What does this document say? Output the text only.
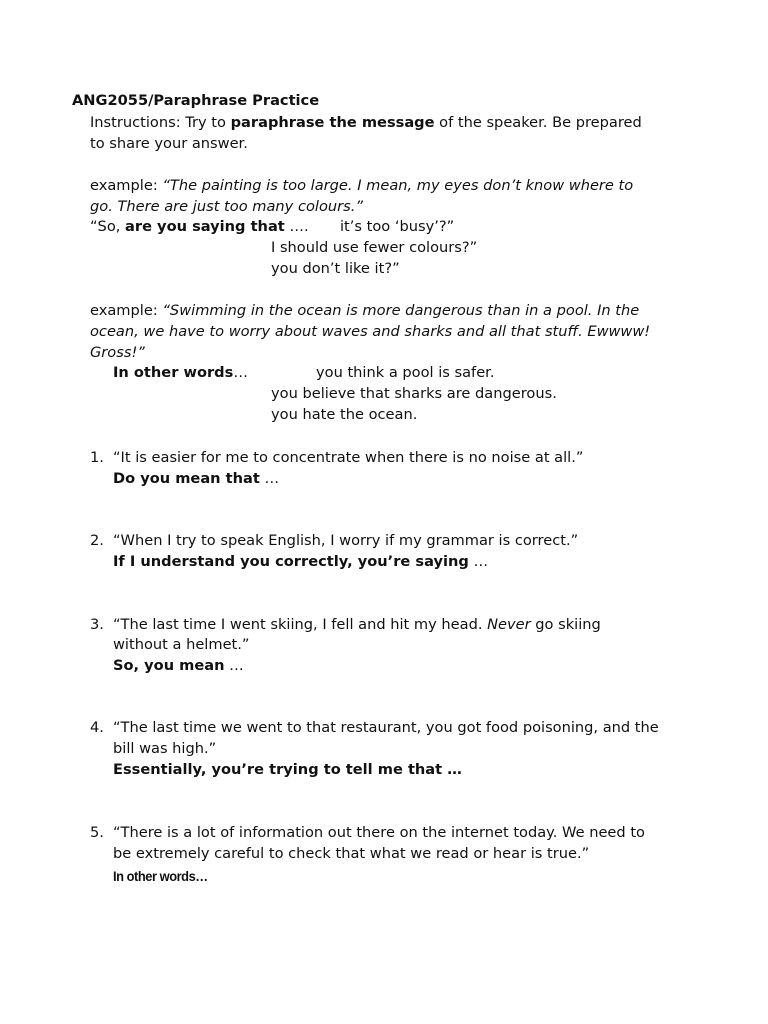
ANG2055/Paraphrase Practice
Instructions: Try to paraphrase the message of the speaker. Be prepared
to share your answer.
example: “The painting is too large. I mean, my eyes don’t know where to
go. There are just too many colours.”
“So, are you saying that …. it’s too ‘busy’?”
I should use fewer colours?”
you don’t like it?”
example: “Swimming in the ocean is more dangerous than in a pool. In the
ocean, we have to worry about waves and sharks and all that stuff. Ewwww!
Gross!”
In other words…	you think a pool is safer.
you believe that sharks are dangerous.
you hate the ocean.
1. “It is easier for me to concentrate when there is no noise at all.”
Do you mean that …
2. “When I try to speak English, I worry if my grammar is correct.”
If I understand you correctly, you’re saying …
3. “The last time I went skiing, I fell and hit my head. Never go skiing
without a helmet.”
So, you mean …
4. “The last time we went to that restaurant, you got food poisoning, and the
bill was high.”
Essentially, you’re trying to tell me that …
5. “There is a lot of information out there on the internet today. We need to
be extremely careful to check that what we read or hear is true.”
In other words…
